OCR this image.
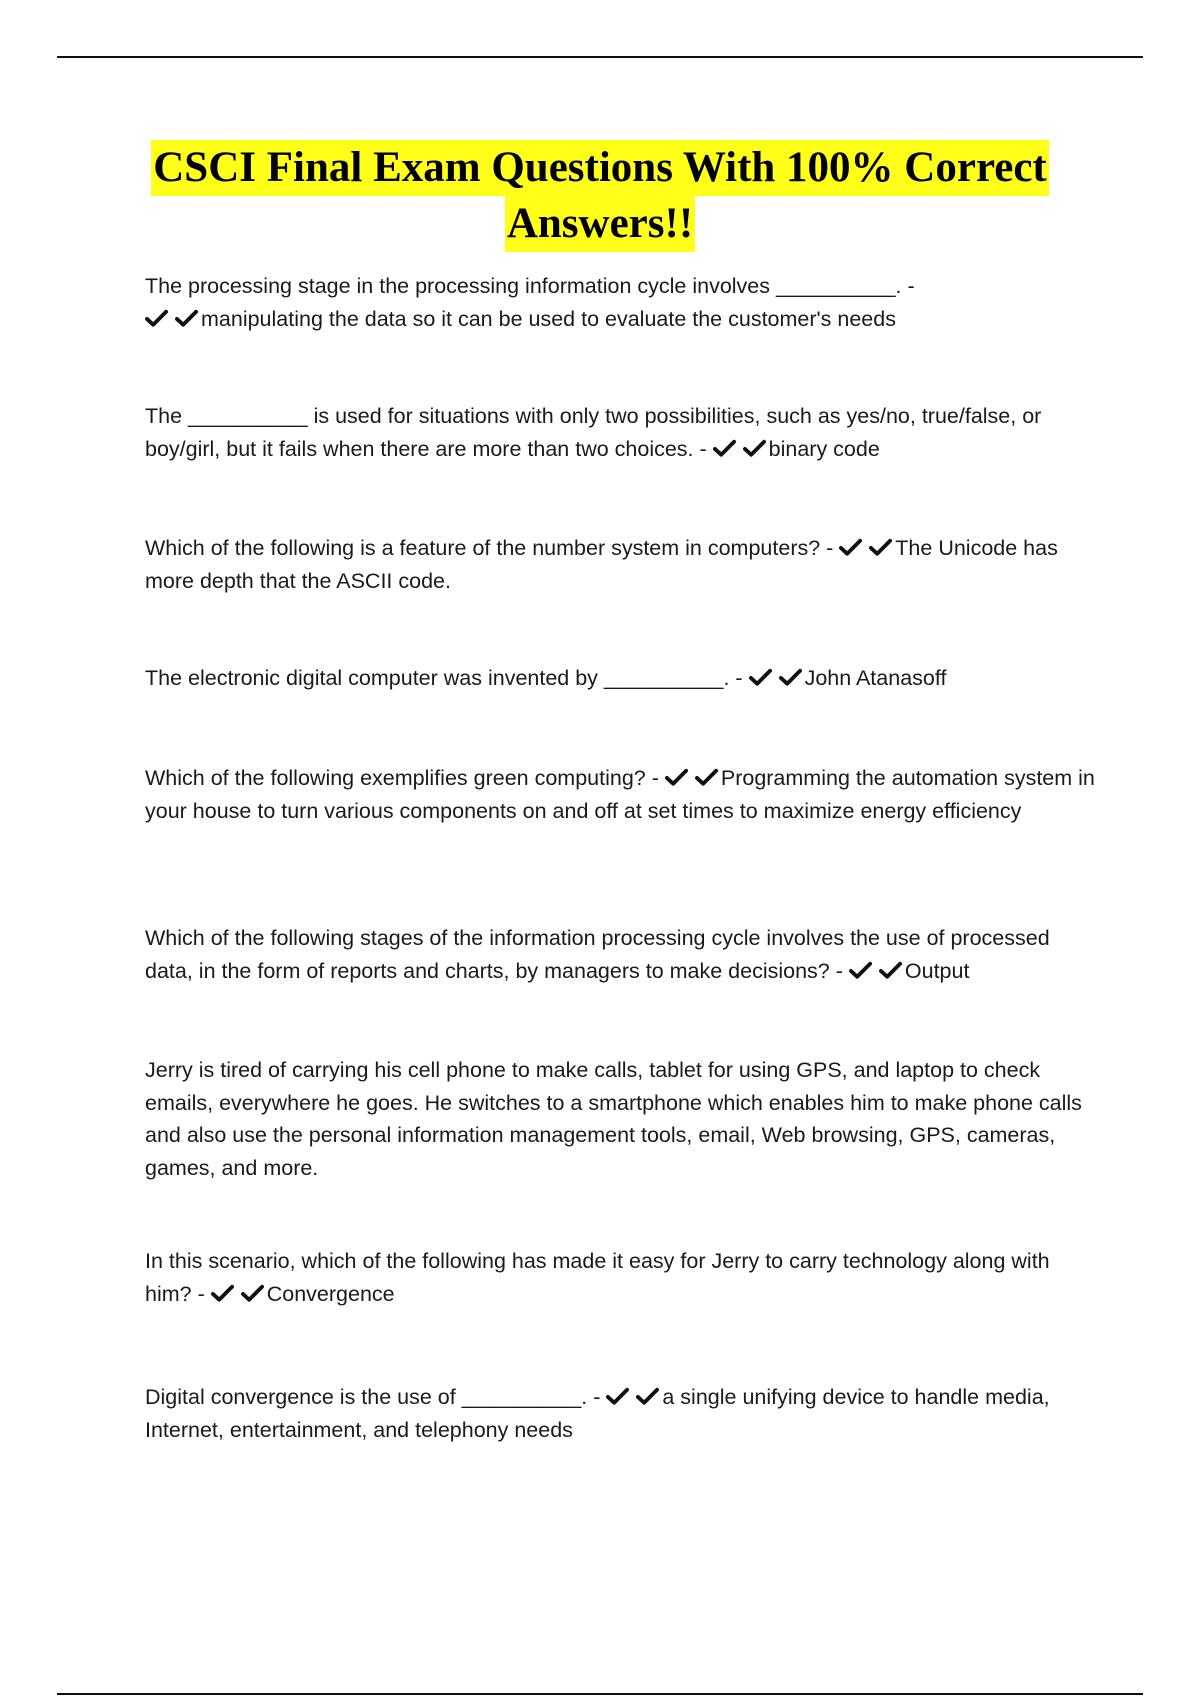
CSCI Final Exam Questions With 100% Correct
Answers!!

The processing stage in the processing information cycle involves __________. -

manipulating the data so it can be used to evaluate the customer's needs

The __________ is used for situations with only two possibilities, such as yes/no, true/false, or boy/girl, but it fails when there are more than two choices. -	binary code

Which of the following is a feature of the number system in computers? -	The Unicode has more depth that the ASCII code.

The electronic digital computer was invented by __________. -	John Atanasoff

Which of the following exemplifies green computing? -	Programming the automation system in your house to turn various components on and off at set times to maximize energy efficiency

Which of the following stages of the information processing cycle involves the use of processed data, in the form of reports and charts, by managers to make decisions? -	Output

Jerry is tired of carrying his cell phone to make calls, tablet for using GPS, and laptop to check emails, everywhere he goes. He switches to a smartphone which enables him to make phone calls and also use the personal information management tools, email, Web browsing, GPS, cameras, games, and more.

In this scenario, which of the following has made it easy for Jerry to carry technology along with him? -	Convergence

Digital convergence is the use of __________. -	a single unifying device to handle media, Internet, entertainment, and telephony needs
